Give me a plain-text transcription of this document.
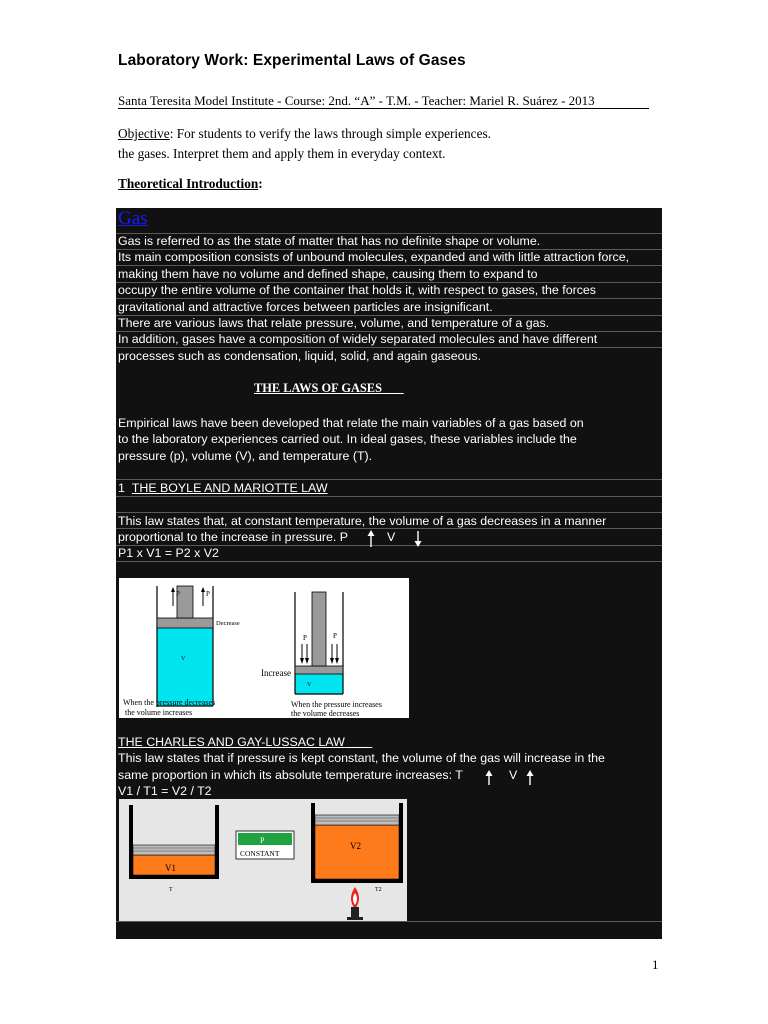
Laboratory Work: Experimental Laws of Gases
Santa Teresita Model Institute - Course: 2nd. “A” - T.M. - Teacher: Mariel R. Suárez - 2013
Objective: For students to verify the laws through simple experiences.
the gases. Interpret them and apply them in everyday context.
Theoretical Introduction:
Gas
Gas is referred to as the state of matter that has no definite shape or volume.
Its main composition consists of unbound molecules, expanded and with little attraction force,
making them have no volume and defined shape, causing them to expand to
occupy the entire volume of the container that holds it, with respect to gases, the forces
gravitational and attractive forces between particles are insignificant.
There are various laws that relate pressure, volume, and temperature of a gas.
In addition, gases have a composition of widely separated molecules and have different
processes such as condensation, liquid, solid, and again gaseous.
THE LAWS OF GASES
Empirical laws have been developed that relate the main variables of a gas based on
to the laboratory experiences carried out. In ideal gases, these variables include the
pressure (p), volume (V), and temperature (T).
1 THE BOYLE AND MARIOTTE LAW
This law states that, at constant temperature, the volume of a gas decreases in a manner
proportional to the increase in pressure. P	V
P1 x V1 = P2 x V2
P	P
Decrease
V
When the pressure decreases
the volume increases
P	P
Increase
V
When the pressure increases
the volume decreases
THE CHARLES AND GAY-LUSSAC LAW
This law states that if pressure is kept constant, the volume of the gas will increase in the
same proportion in which its absolute temperature increases: T	V
V1 / T1 = V2 / T2
V1
T
P
CONSTANT
V2
T2
1
